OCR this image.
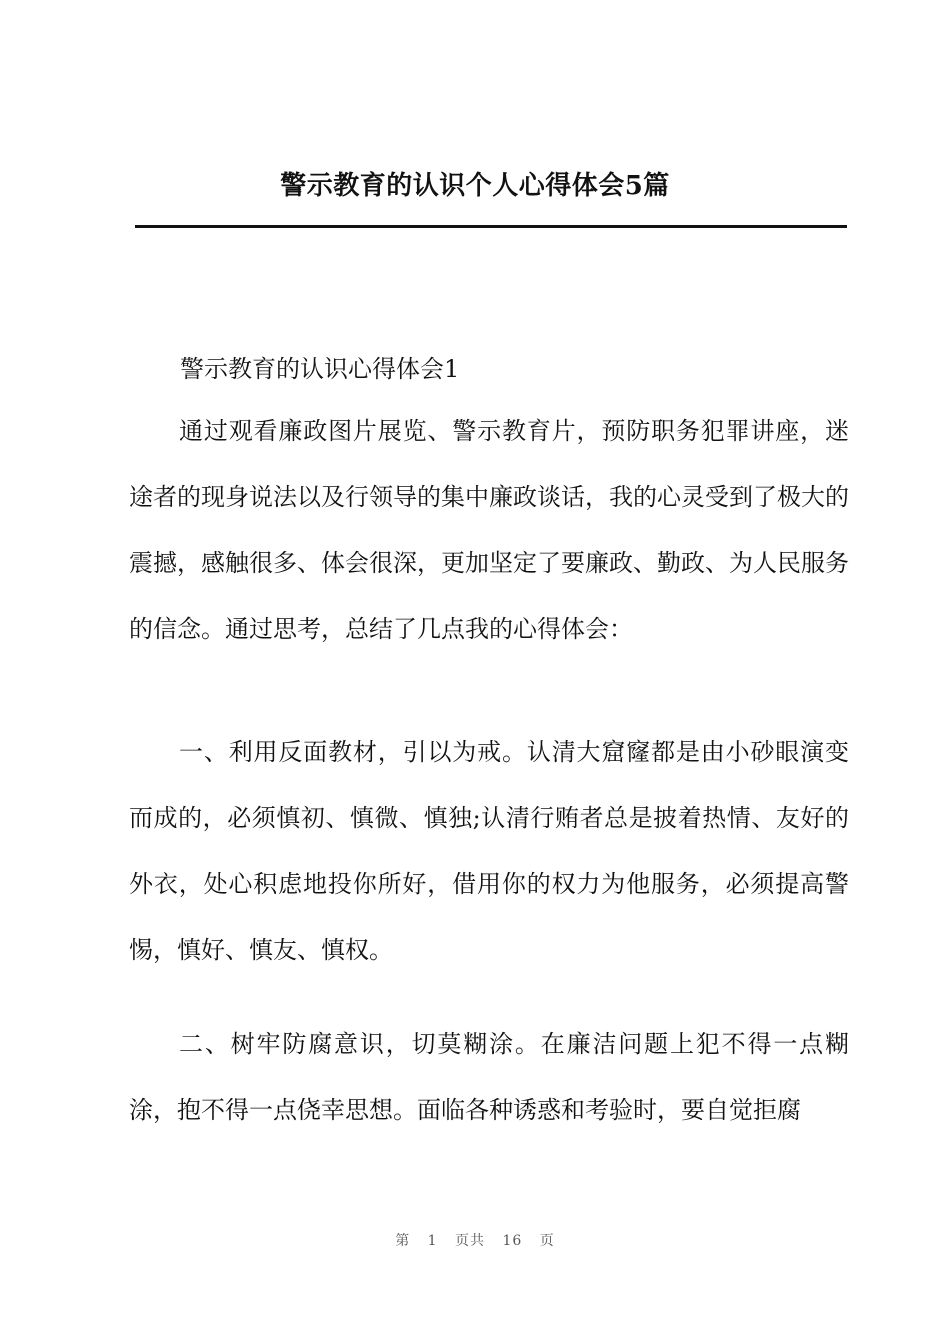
警示教育的认识个人心得体会5篇
警示教育的认识心得体会1

通过观看廉政图片展览、警示教育片，预防职务犯罪讲座，迷途者的现身说法以及行领导的集中廉政谈话，我的心灵受到了极大的震撼，感触很多、体会很深，更加坚定了要廉政、勤政、为人民服务的信念。通过思考，总结了几点我的心得体会：

一、利用反面教材，引以为戒。认清大窟窿都是由小砂眼演变而成的，必须慎初、慎微、慎独;认清行贿者总是披着热情、友好的外衣，处心积虑地投你所好，借用你的权力为他服务，必须提高警惕，慎好、慎友、慎权。

二、树牢防腐意识，切莫糊涂。在廉洁问题上犯不得一点糊涂，抱不得一点侥幸思想。面临各种诱惑和考验时，要自觉拒腐

第 1 页共 16 页
